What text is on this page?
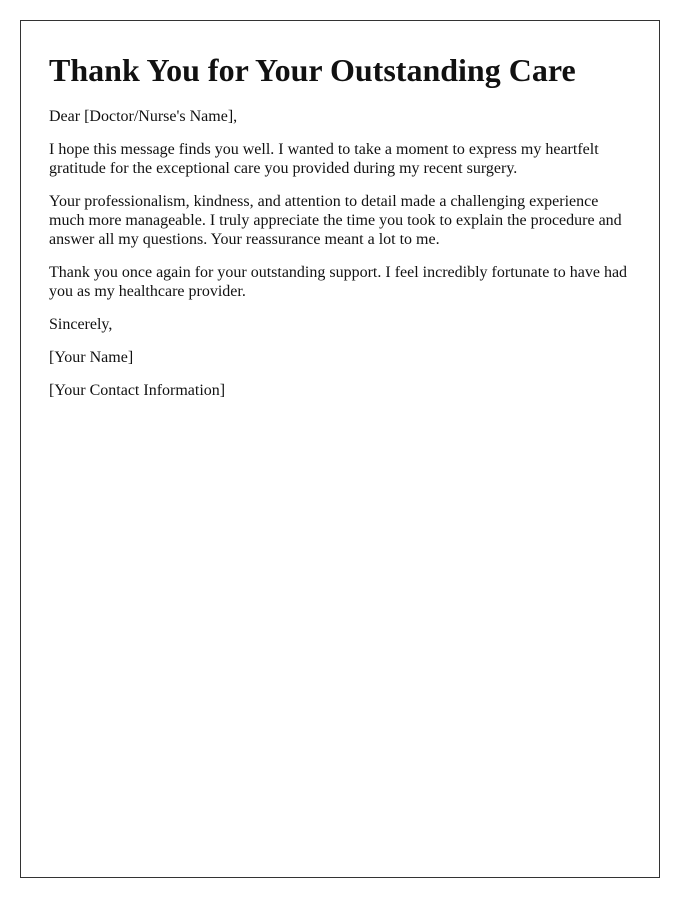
Thank You for Your Outstanding Care

Dear [Doctor/Nurse's Name],

I hope this message finds you well. I wanted to take a moment to express my heartfelt gratitude for the exceptional care you provided during my recent surgery.

Your professionalism, kindness, and attention to detail made a challenging experience much more manageable. I truly appreciate the time you took to explain the procedure and answer all my questions. Your reassurance meant a lot to me.

Thank you once again for your outstanding support. I feel incredibly fortunate to have had you as my healthcare provider.

Sincerely,

[Your Name]

[Your Contact Information]
